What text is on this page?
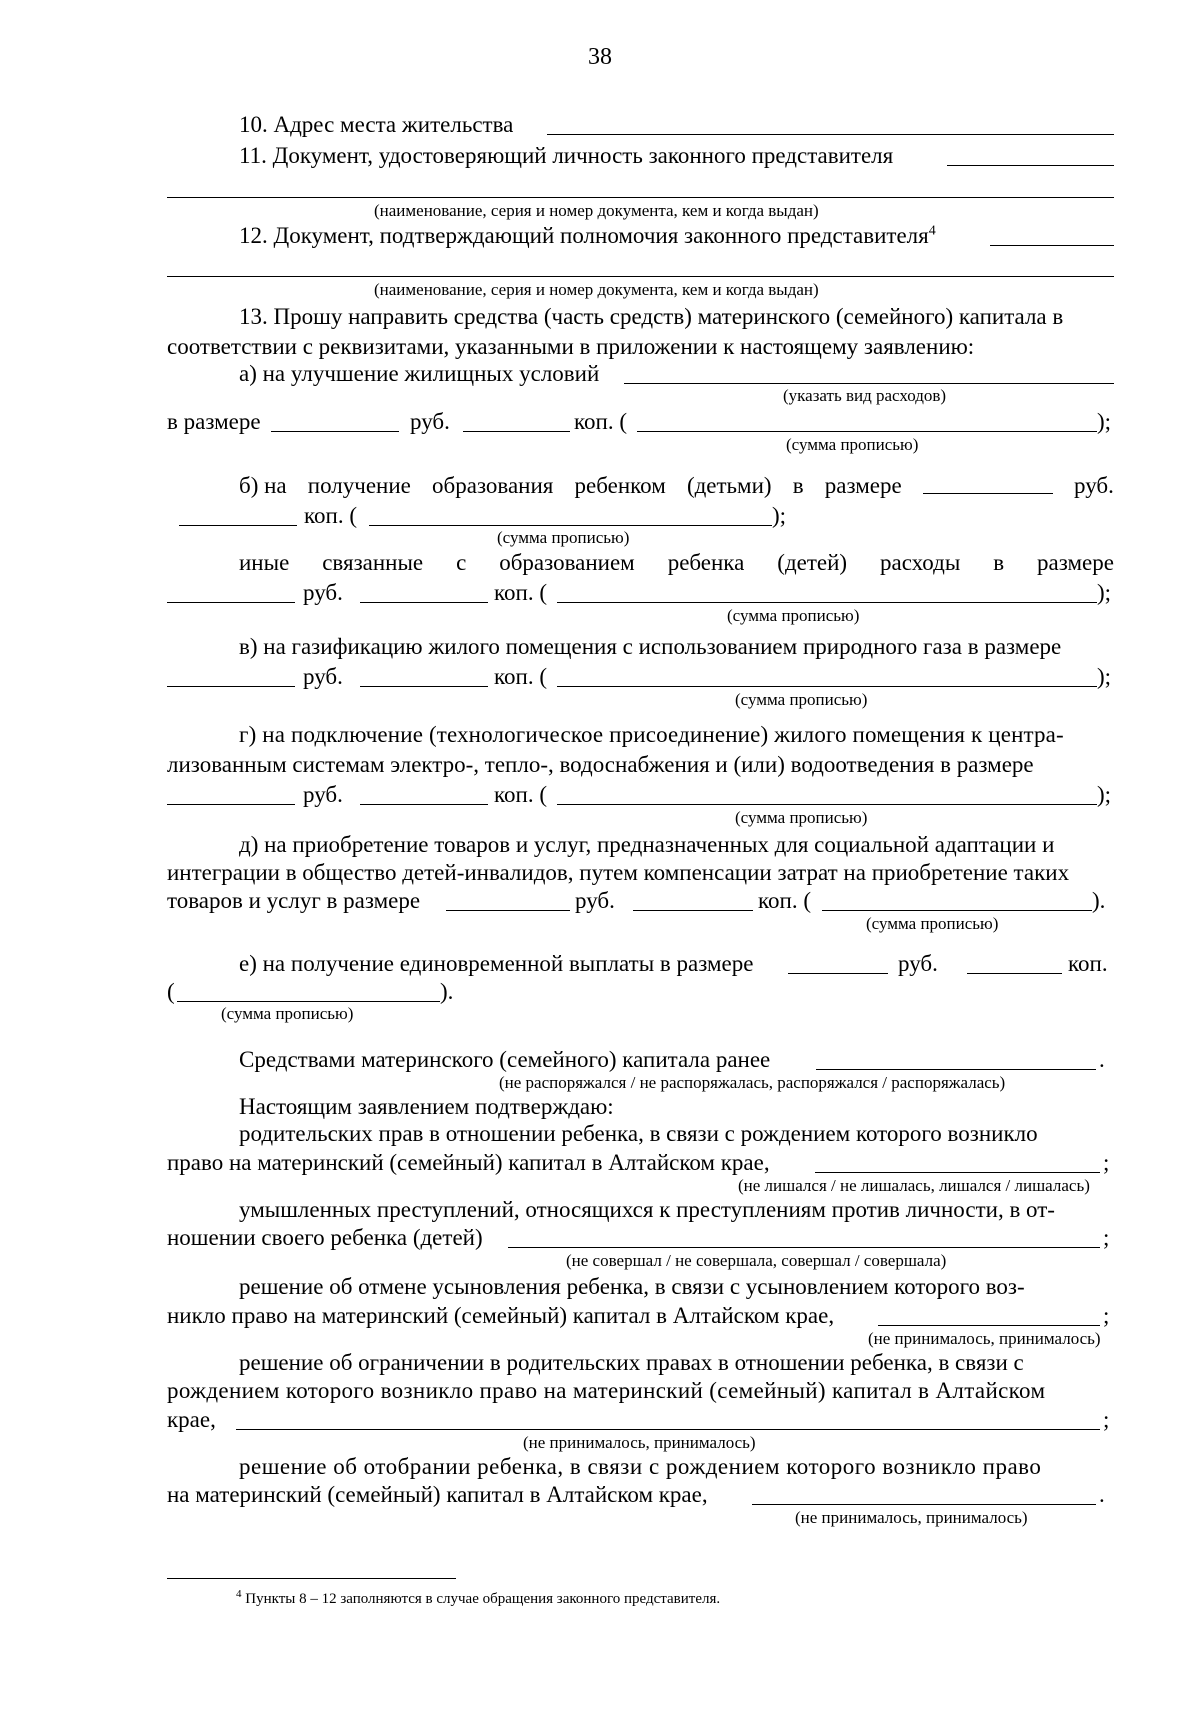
38
10. Адрес места жительства
11. Документ, удостоверяющий личность законного представителя
(наименование, серия и номер документа, кем и когда выдан)
12. Документ, подтверждающий полномочия законного представителя$^4$
(наименование, серия и номер документа, кем и когда выдан)
13. Прошу направить средства (часть средств) материнского (семейного) капитала в
соответствии с реквизитами, указанными в приложении к настоящему заявлению:
а) на улучшение жилищных условий
(указать вид расходов)
в размере	руб.	коп. (	);
(сумма прописью)
б) на получение образования ребенком (детьми) в размере	руб.
коп. (	);
(сумма прописью)
иные связанные с образованием ребенка (детей) расходы в размере
руб.	коп. (	);
(сумма прописью)
в) на газификацию жилого помещения с использованием природного газа в размере
руб.	коп. (	);
(сумма прописью)
г) на подключение (технологическое присоединение) жилого помещения к центра-
лизованным системам электро-, тепло-, водоснабжения и (или) водоотведения в размере
руб.	коп. (	);
(сумма прописью)
д) на приобретение товаров и услуг, предназначенных для социальной адаптации и
интеграции в общество детей-инвалидов, путем компенсации затрат на приобретение таких
товаров и услуг в размере	руб.	коп. (	).
(сумма прописью)
е) на получение единовременной выплаты в размере	руб.	коп.
(	).
(сумма прописью)
Средствами материнского (семейного) капитала ранее	.
(не распоряжался / не распоряжалась, распоряжался / распоряжалась)
Настоящим заявлением подтверждаю:
родительских прав в отношении ребенка, в связи с рождением которого возникло
право на материнский (семейный) капитал в Алтайском крае,	;
(не лишался / не лишалась, лишался / лишалась)
умышленных преступлений, относящихся к преступлениям против личности, в от-
ношении своего ребенка (детей)	;
(не совершал / не совершала, совершал / совершала)
решение об отмене усыновления ребенка, в связи с усыновлением которого воз-
никло право на материнский (семейный) капитал в Алтайском крае,	;
(не принималось, принималось)
решение об ограничении в родительских правах в отношении ребенка, в связи с
рождением которого возникло право на материнский (семейный) капитал в Алтайском
крае,	;
(не принималось, принималось)
решение об отобрании ребенка, в связи с рождением которого возникло право
на материнский (семейный) капитал в Алтайском крае,	.
(не принималось, принималось)
$^4$ Пункты 8 – 12 заполняются в случае обращения законного представителя.
